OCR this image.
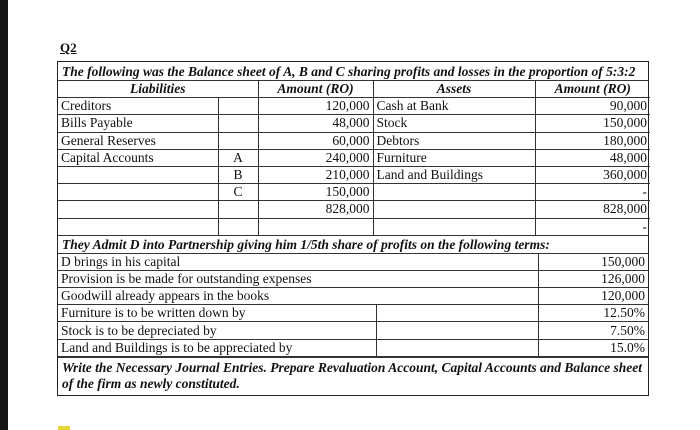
Q2
The following was the Balance sheet of A, B and C sharing profits and losses in the proportion of 5:3:2
Liabilities		Amount (RO)	Assets	Amount (RO)
Creditors		120,000	Cash at Bank	90,000
Bills Payable		48,000	Stock	150,000
General Reserves		60,000	Debtors	180,000
Capital Accounts	A	240,000	Furniture	48,000
	B	210,000	Land and Buildings	360,000
	C	150,000		-
		828,000		828,000
				-
They Admit D into Partnership giving him 1/5th share of profits on the following terms:
D brings in his capital		150,000
Provision is be made for outstanding expenses		126,000
Goodwill already appears in the books		120,000
Furniture is to be written down by		12.50%
Stock is to be depreciated by		7.50%
Land and Buildings is to be appreciated by		15.0%
Write the Necessary Journal Entries. Prepare Revaluation Account, Capital Accounts and Balance sheet of the firm as newly constituted.
